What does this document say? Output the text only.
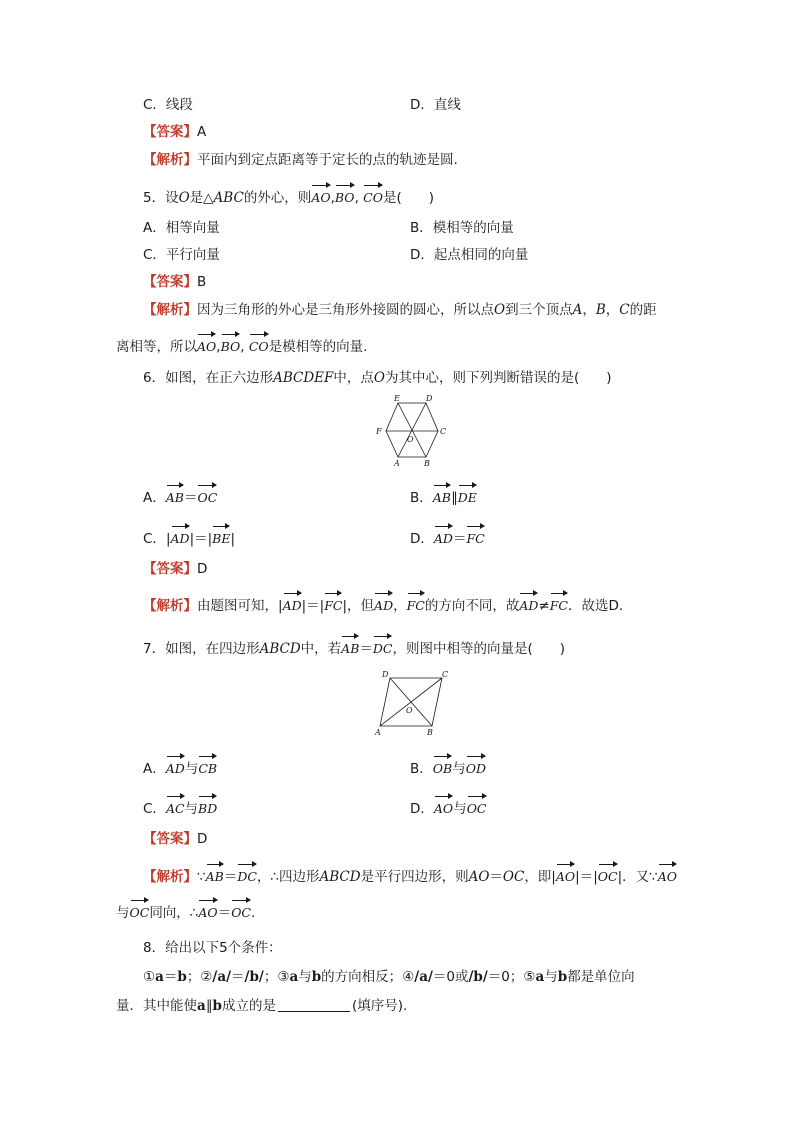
C．线段	D．直线
【答案】A
【解析】平面内到定点距离等于定长的点的轨迹是圆.
5．设O是△ABC的外心，则AO,BO, CO是(　　)
A．相等向量	B．模相等的向量
C．平行向量	D．起点相同的向量
【答案】B
【解析】因为三角形的外心是三角形外接圆的圆心，所以点O到三个顶点A，B，C的距
离相等，所以AO,BO, CO是模相等的向量.
6．如图，在正六边形ABCDEF中，点O为其中心，则下列判断错误的是(　　)
E	D
F
O
C
A	B
A．AB＝OC	B．AB∥DE
C．|AD|＝|BE|	D．AD＝FC
【答案】D
【解析】由题图可知，|AD|＝|FC|，但AD，FC的方向不同，故AD≠FC．故选D.
7．如图，在四边形ABCD中，若AB＝DC，则图中相等的向量是(　　)
D	C
O
A	B
A．AD与CB	B．OB与OD
C．AC与BD	D．AO与OC
【答案】D
【解析】∵AB＝DC，∴四边形ABCD是平行四边形，则AO＝OC，即|AO|＝|OC|．又∵AO
与OC同向，∴AO＝OC.
8．给出以下5个条件：
①a＝b；②/a/＝/b/；③a与b的方向相反；④/a/＝0或/b/＝0；⑤a与b都是单位向
量．其中能使a∥b成立的是	(填序号).
